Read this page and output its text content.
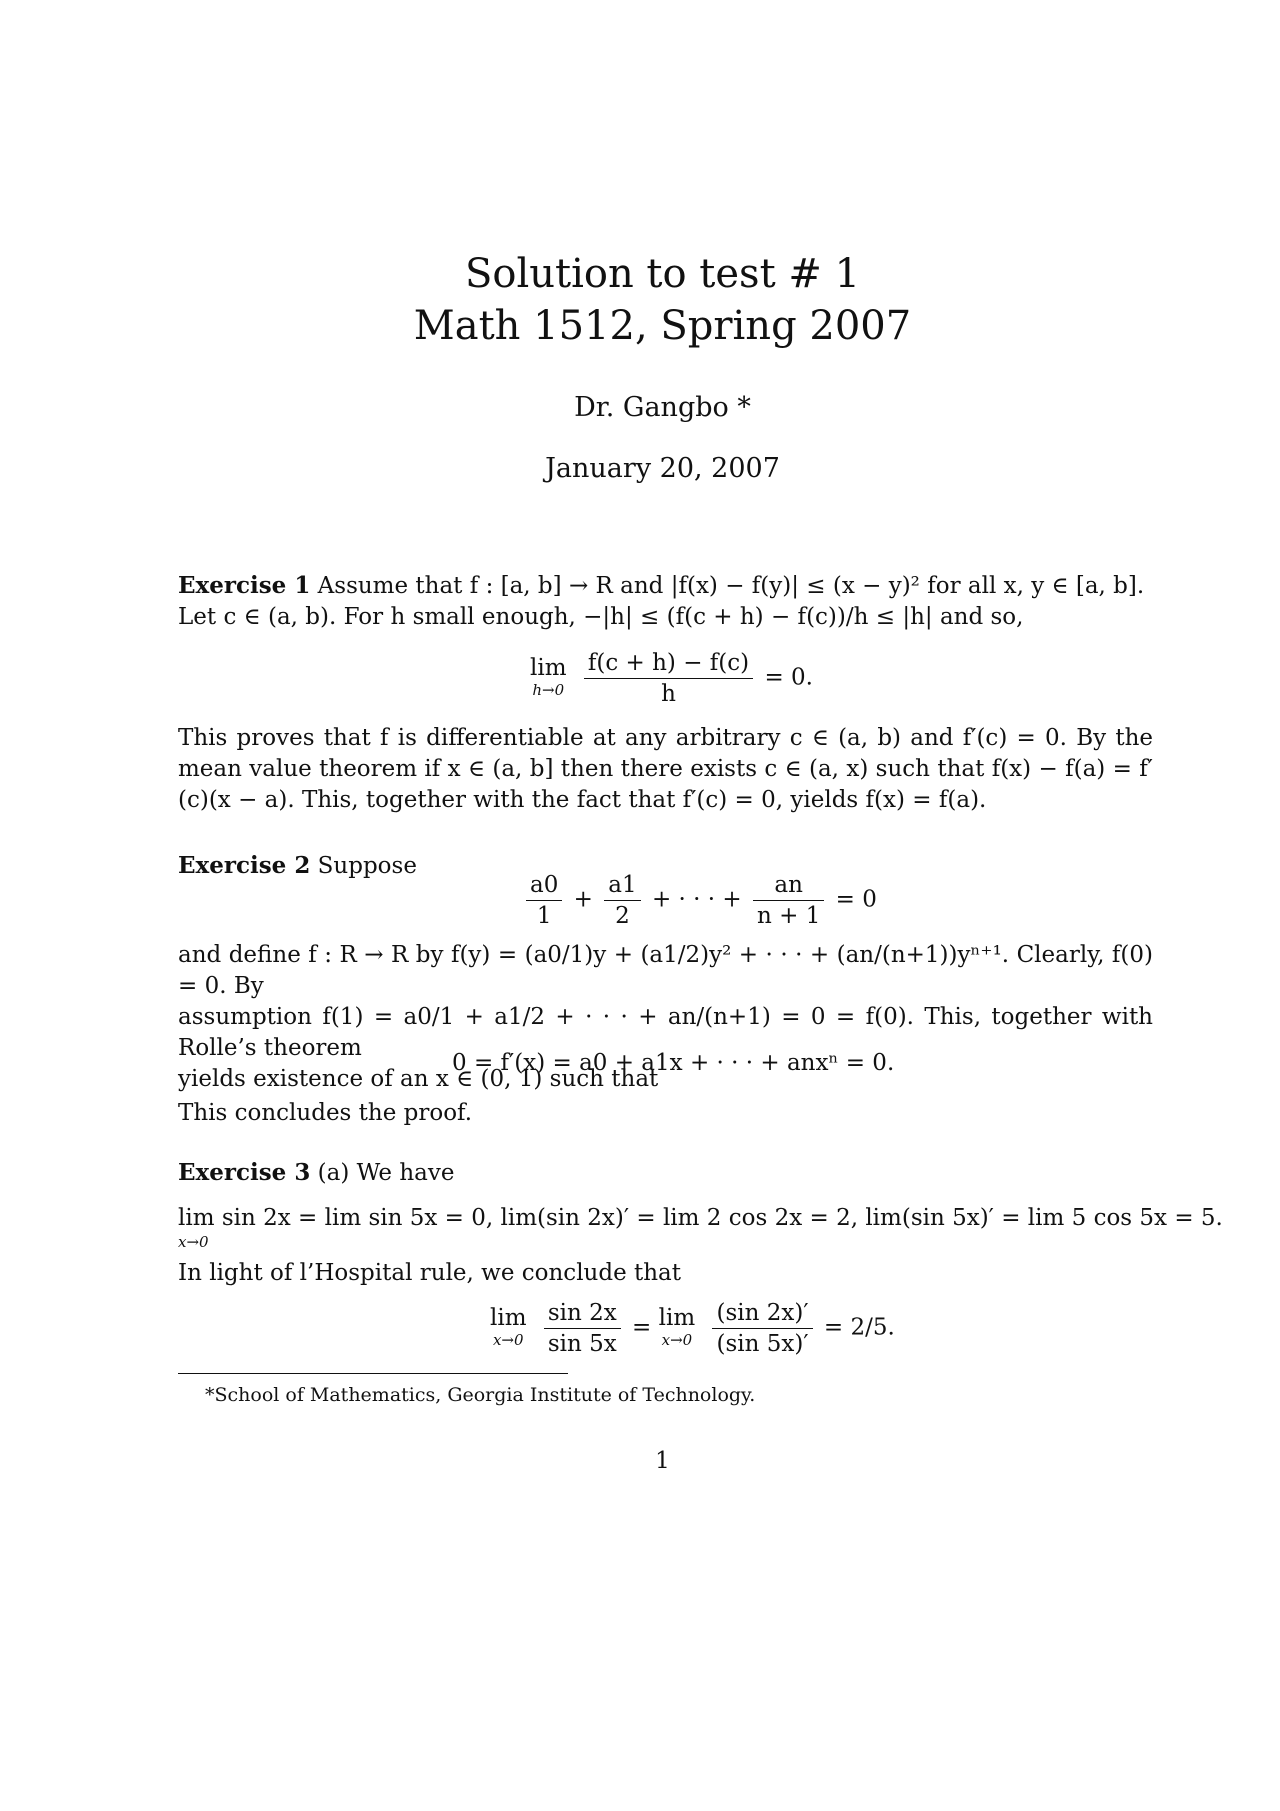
Solution to test # 1
Math 1512, Spring 2007
Dr. Gangbo *
January 20, 2007
Exercise 1 Assume that f : [a, b] → R and |f(x) − f(y)| ≤ (x − y)² for all x, y ∈ [a, b].
Let c ∈ (a, b). For h small enough, −|h| ≤ (f(c + h) − f(c))/h ≤ |h| and so,
lim
h→0
$\frac{f(c + h) - f(c)}{h} = 0$.
This proves that f is differentiable at any arbitrary c ∈ (a, b) and f′(c) = 0. By the mean value theorem if x ∈ (a, b] then there exists c ∈ (a, x) such that f(x) − f(a) = f′(c)(x − a). This, together with the fact that f′(c) = 0, yields f(x) = f(a).
Exercise 2 Suppose
$\frac{a0}{1} + \frac{a1}{2}$ + · · · + $\frac{an}{n + 1} = 0$
and define f : R → R by f(y) = (a0/1)y + (a1/2)y² + · · · + (an/(n+1))yⁿ⁺¹. Clearly, f(0) = 0. By
assumption f(1) = a0/1 + a1/2 + · · · + an/(n+1) = 0 = f(0). This, together with Rolle’s theorem
yields existence of an x ∈ (0, 1) such that
0 = f′(x) = a0 + a1x + · · · + anxⁿ = 0.
This concludes the proof.
Exercise 3 (a) We have
lim sin 2x = lim sin 5x = 0, lim(sin 2x)′ = lim 2 cos 2x = 2, lim(sin 5x)′ = lim 5 cos 5x = 5.
x→0
In light of l’Hospital rule, we conclude that
lim
x→0
$\frac{\sin 2x}{\sin 5x} = \lim$
x→0
$\frac{(\sin 2x)'}{(\sin 5x)'} = 2/5$.
*School of Mathematics, Georgia Institute of Technology.
1
